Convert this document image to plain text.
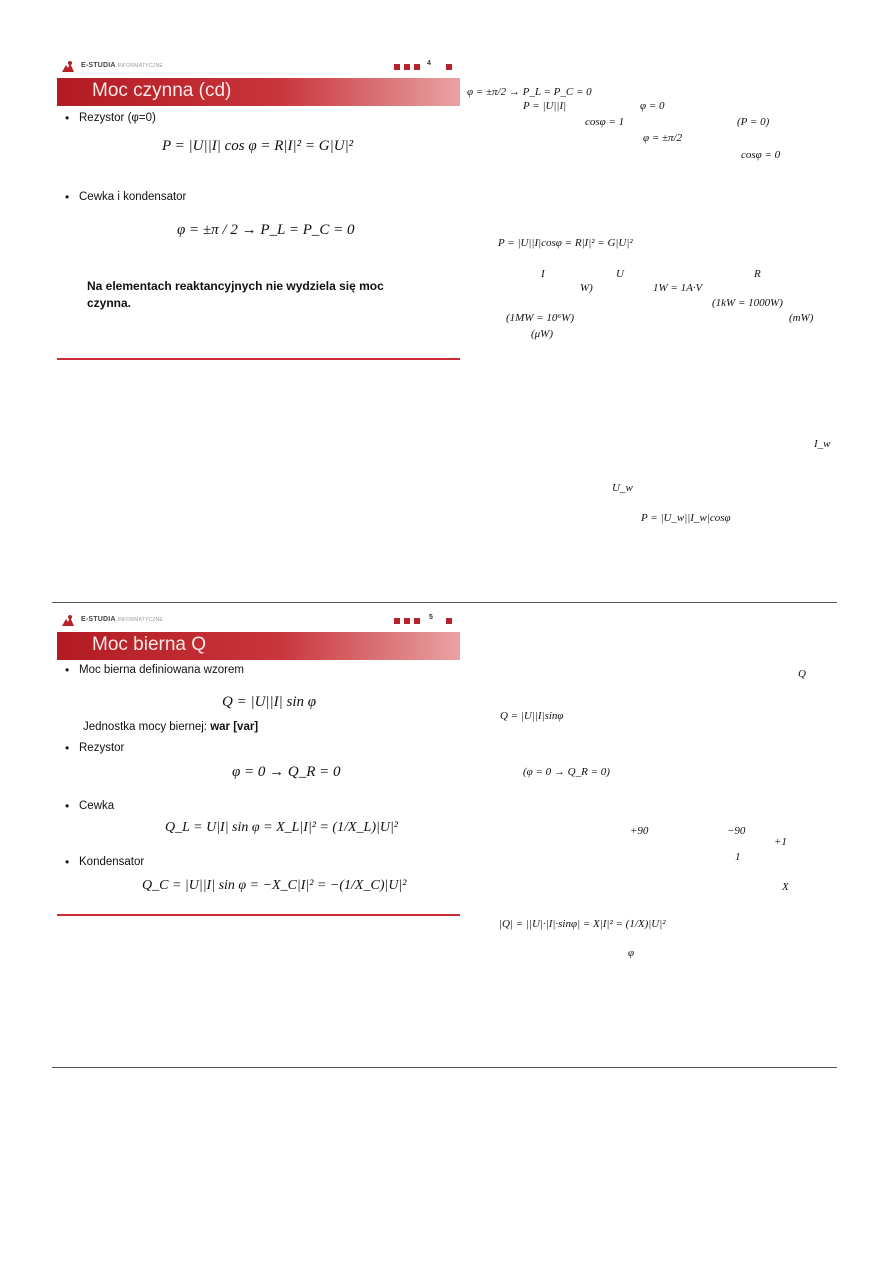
E-STUDIA INFORMATYCZNE	4
Moc czynna (cd)
• Rezystor (φ=0)
P = |U||I| cos φ = R|I|² = G|U|²
• Cewka i kondensator
φ = ±π / 2 → P_L = P_C = 0
Na elementach reaktancyjnych nie wydziela się moc czynna.
φ = ±π/2 → P_L = P_C = 0
P = |U||I|	φ = 0
cosφ = 1	(P = 0)
φ = ±π/2
cosφ = 0
P = |U||I|cosφ = R|I|² = G|U|²
I	U	R
W)	1W = 1A·V
(1kW = 1000W)
(1MW = 10⁶W)	(mW)
(μW)
I_w
U_w
P = |U_w||I_w|cosφ
E-STUDIA INFORMATYCZNE	5
Moc bierna Q
• Moc bierna definiowana wzorem
Q = |U||I| sin φ
Jednostka mocy biernej: war [var]
• Rezystor
φ = 0 → Q_R = 0
• Cewka
Q_L = U|I| sin φ = X_L|I|² = (1/X_L)|U|²
• Kondensator
Q_C = |U||I| sin φ = −X_C|I|² = −(1/X_C)|U|²
Q
Q = |U||I|sinφ
(φ = 0 → Q_R = 0)
+90	−90
+1
1
X
|Q| = ||U|·|I|·sinφ| = X|I|² = (1/X)|U|²
φ
